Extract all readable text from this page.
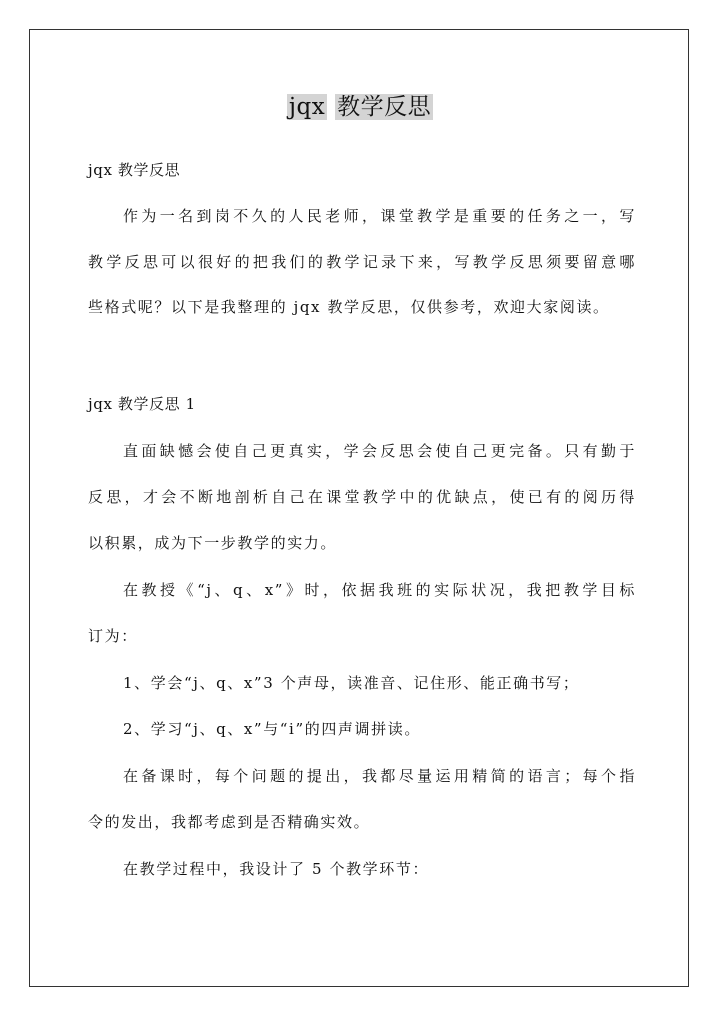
jqx 教学反思
jqx 教学反思
作为一名到岗不久的人民老师，课堂教学是重要的任务之一，写
教学反思可以很好的把我们的教学记录下来，写教学反思须要留意哪
些格式呢？以下是我整理的 jqx 教学反思，仅供参考，欢迎大家阅读。
jqx 教学反思 1
直面缺憾会使自己更真实，学会反思会使自己更完备。只有勤于
反思，才会不断地剖析自己在课堂教学中的优缺点，使已有的阅历得
以积累，成为下一步教学的实力。
在教授《“j、q、x”》时，依据我班的实际状况，我把教学目标
订为：
1、学会“j、q、x”3 个声母，读准音、记住形、能正确书写；
2、学习“j、q、x”与“i”的四声调拼读。
在备课时，每个问题的提出，我都尽量运用精简的语言；每个指
令的发出，我都考虑到是否精确实效。
在教学过程中，我设计了 5 个教学环节：
